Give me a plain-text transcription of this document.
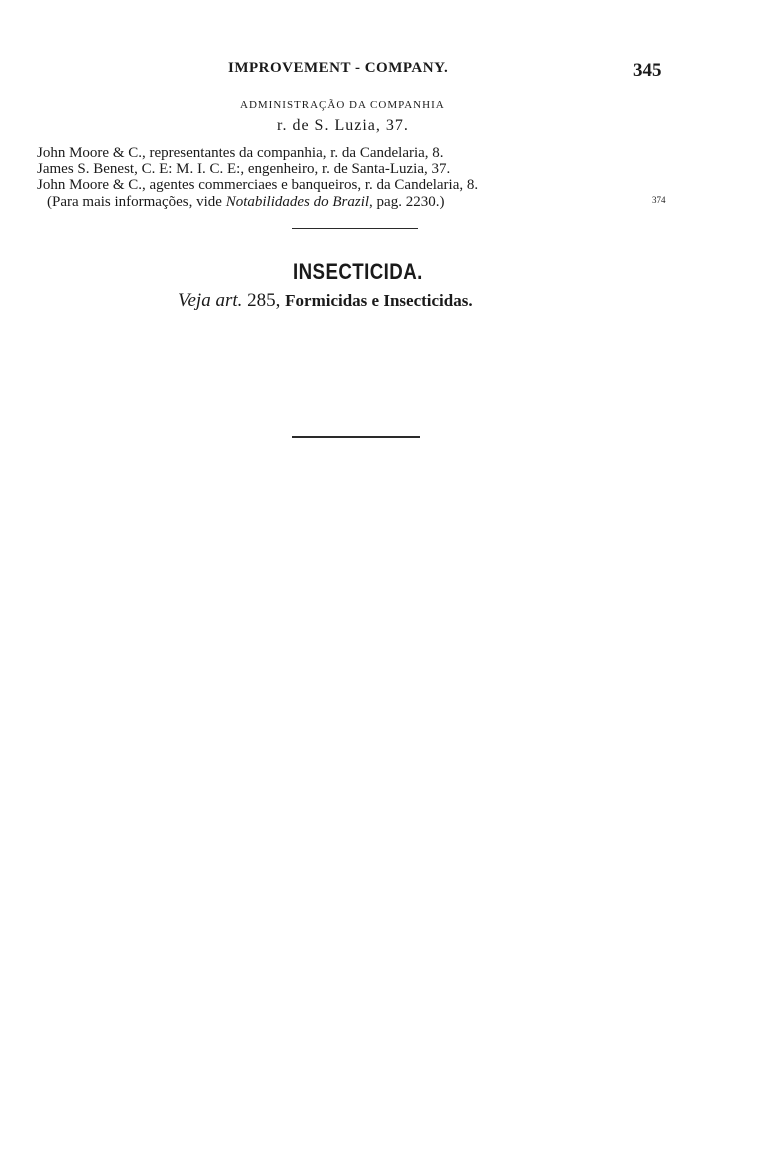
IMPROVEMENT - COMPANY.	345
ADMINISTRAÇÃO DA COMPANHIA
r. de S. Luzia, 37.
John Moore & C., representantes da companhia, r. da Candelaria, 8.
James S. Benest, C. E: M. I. C. E:, engenheiro, r. de Santa-Luzia, 37.
John Moore & C., agentes commerciaes e banqueiros, r. da Candelaria, 8.
(Para mais informações, vide Notabilidades do Brazil, pag. 2230.)	374
INSECTICIDA.
Veja art. 285, Formicidas e Insecticidas.
